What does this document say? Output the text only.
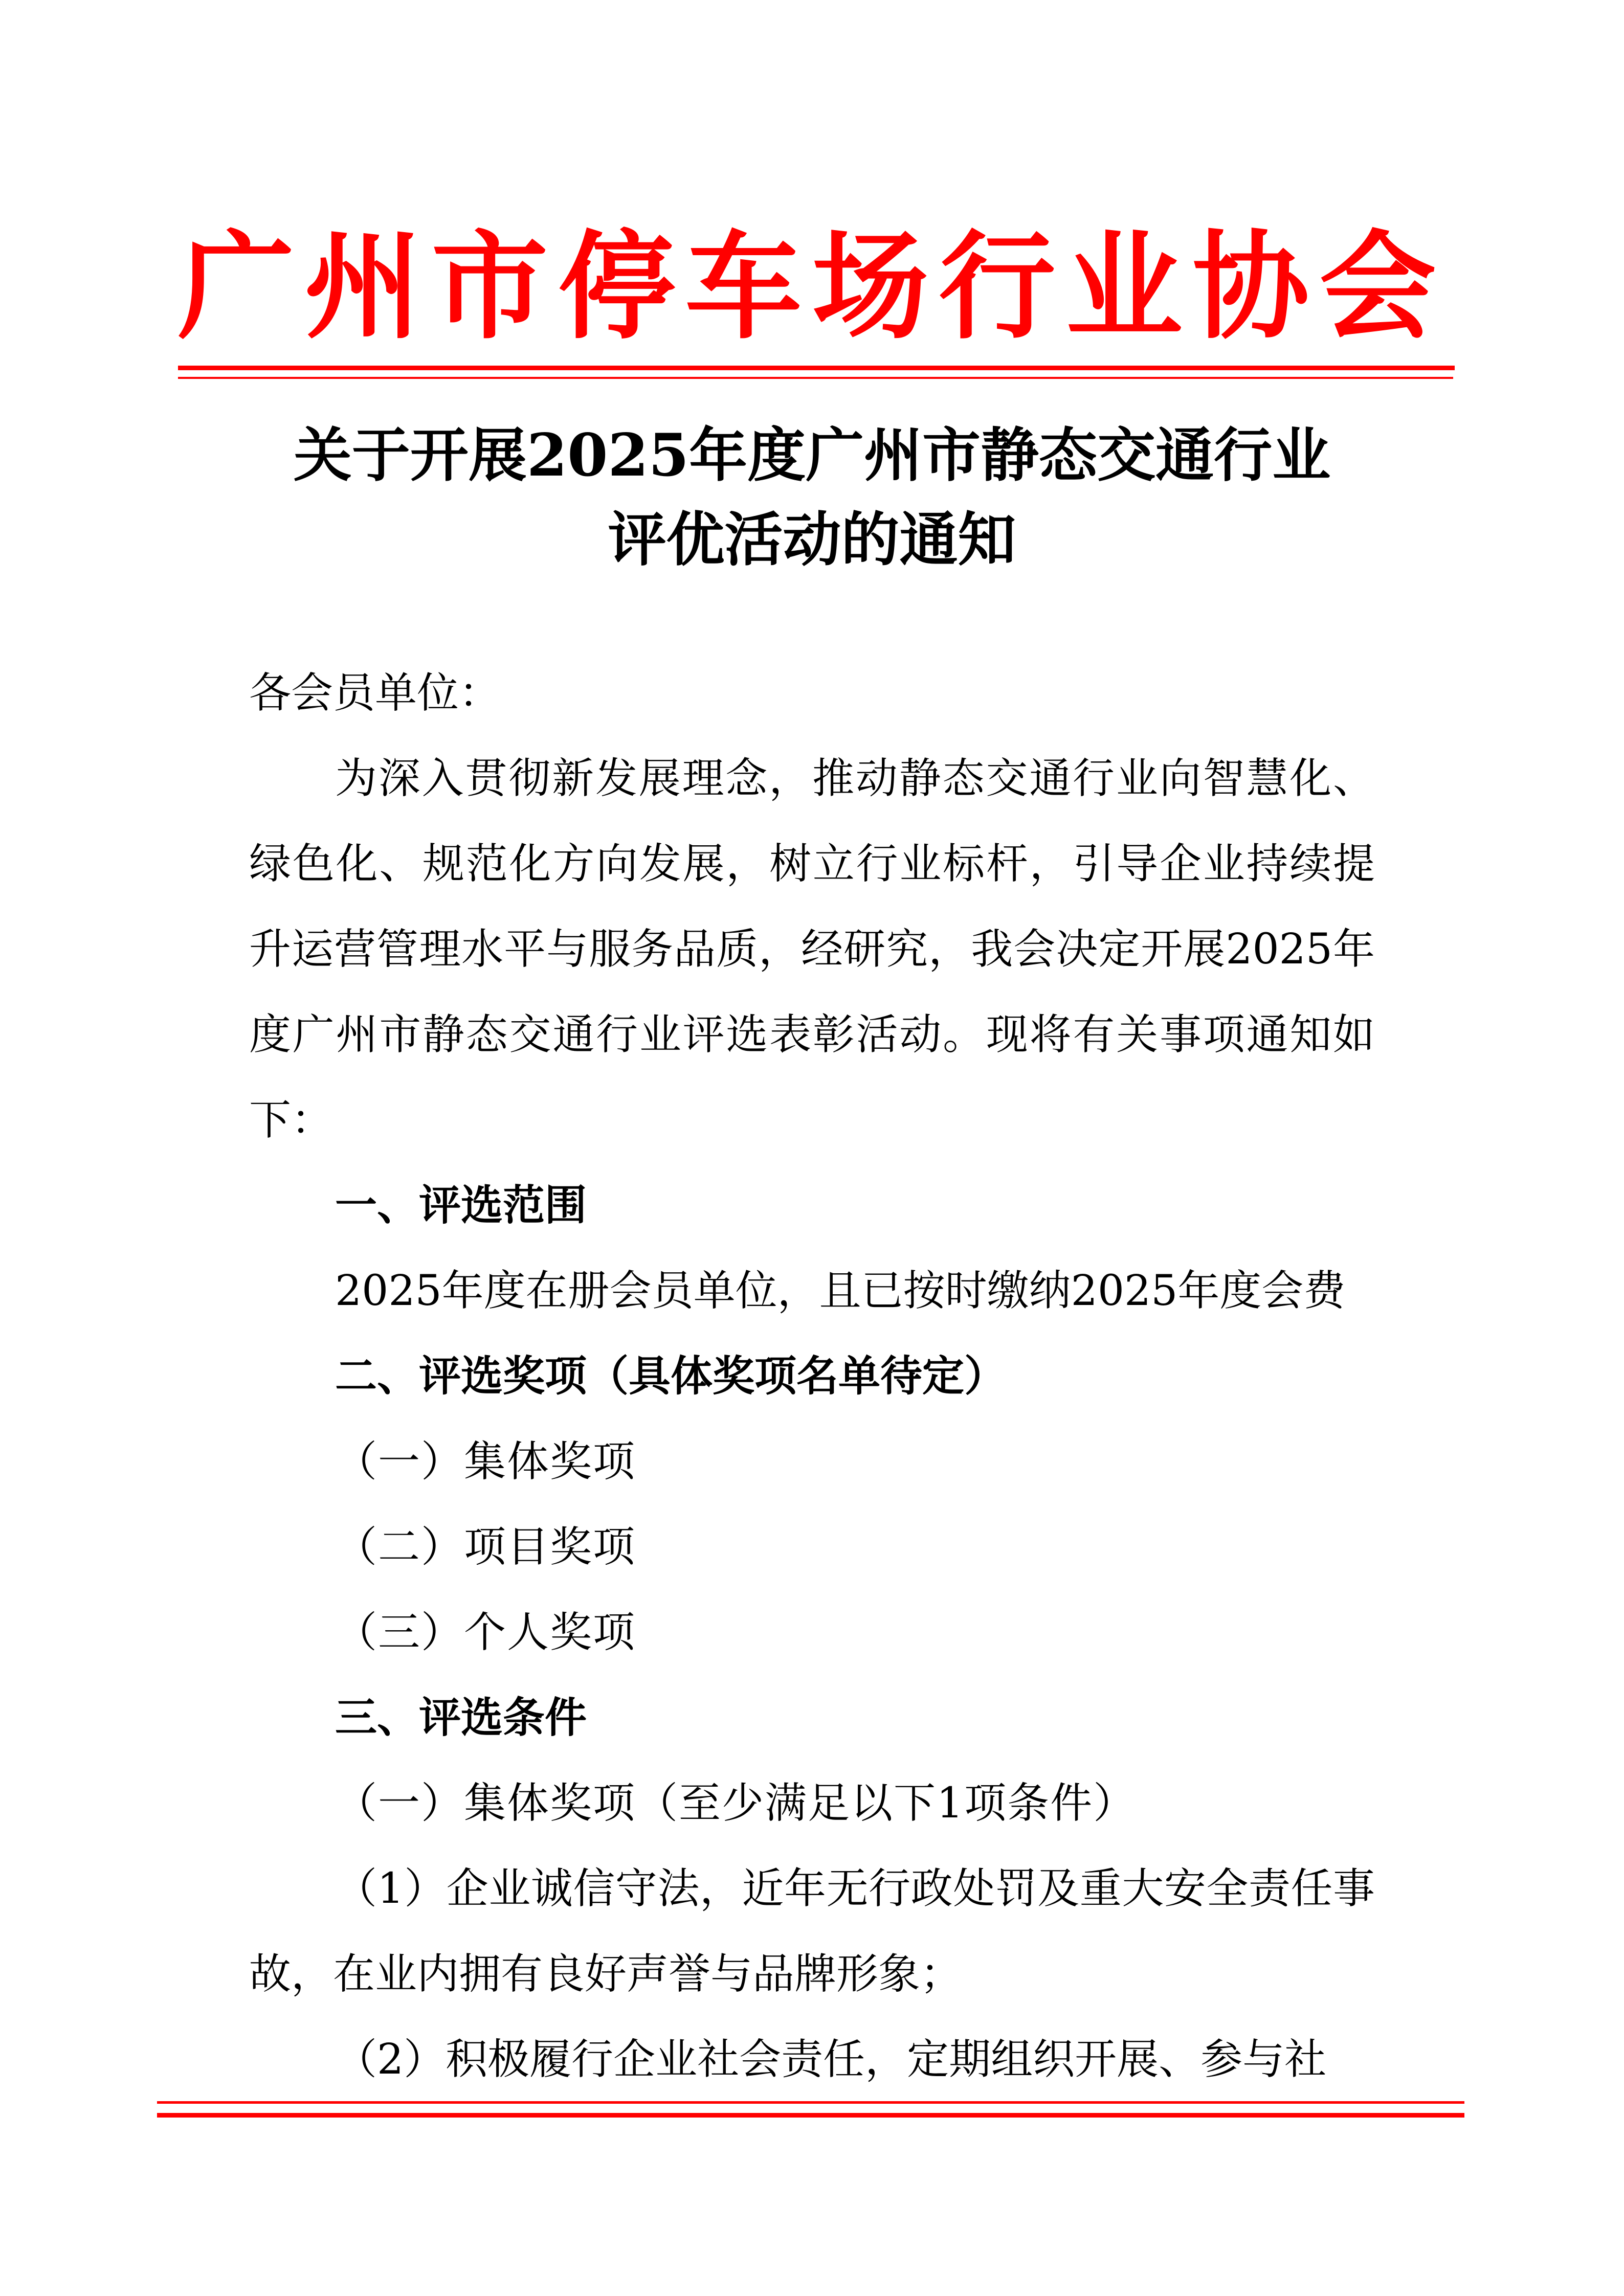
广州市停车场行业协会
关于开展2025年度广州市静态交通行业
评优活动的通知

各会员单位：

为深入贯彻新发展理念，推动静态交通行业向智慧化、绿色化、规范化方向发展，树立行业标杆，引导企业持续提升运营管理水平与服务品质，经研究，我会决定开展2025年度广州市静态交通行业评选表彰活动。现将有关事项通知如下：

一、评选范围

2025年度在册会员单位，且已按时缴纳2025年度会费

二、评选奖项（具体奖项名单待定）

（一）集体奖项

（二）项目奖项

（三）个人奖项

三、评选条件

（一）集体奖项（至少满足以下1项条件）

（1）企业诚信守法，近年无行政处罚及重大安全责任事故，在业内拥有良好声誉与品牌形象；

（2）积极履行企业社会责任，定期组织开展、参与社
